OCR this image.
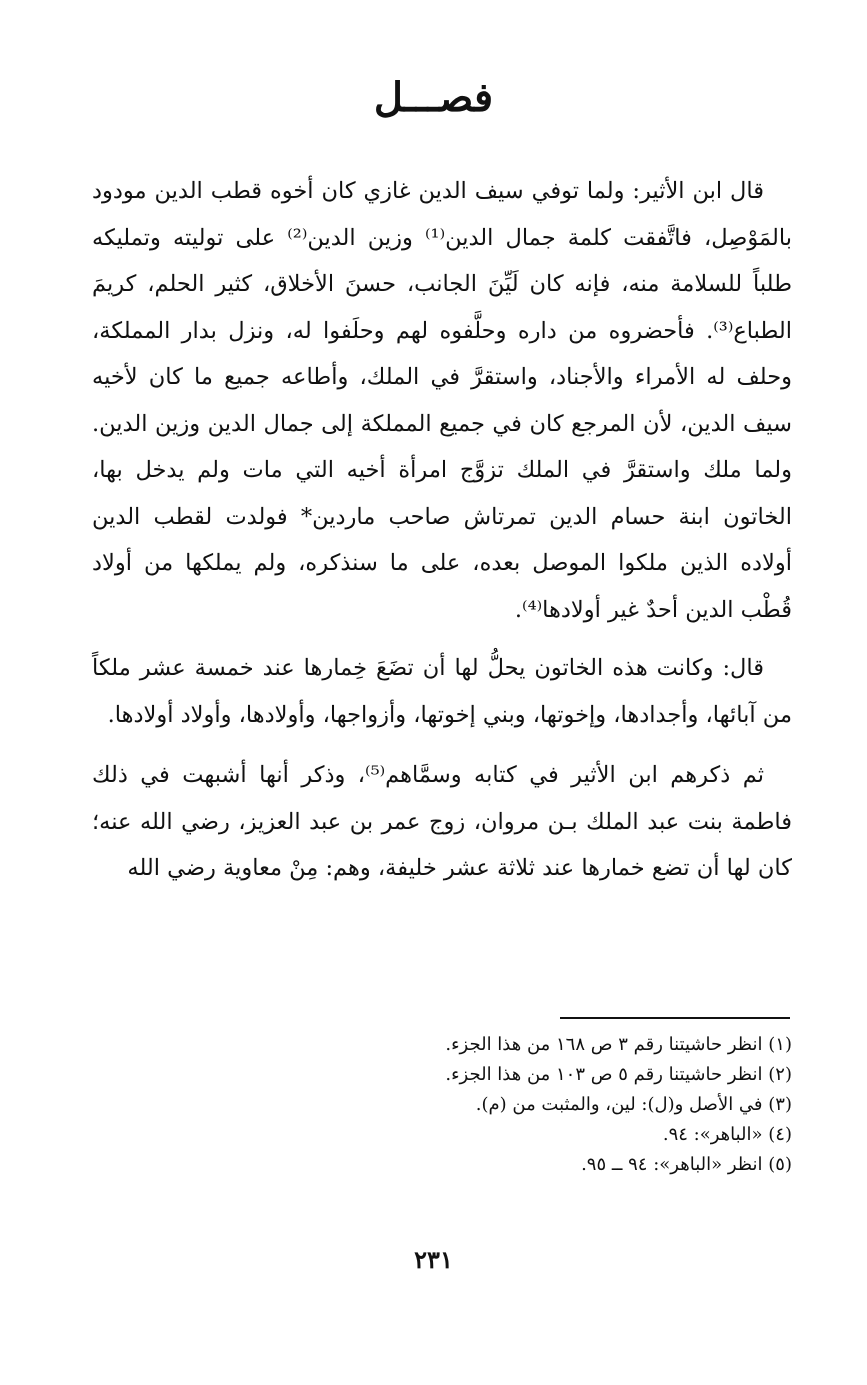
فصـــل

قال ابن الأثير: ولما توفي سيف الدين غازي كان أخوه قطب الدين مودود بالمَوْصِل، فاتَّفقت كلمة جمال الدين⁽¹⁾ وزين الدين⁽²⁾ على توليته وتمليكه طلباً للسلامة منه، فإنه كان لَيِّنَ الجانب، حسنَ الأخلاق، كثير الحلم، كريمَ الطباع⁽³⁾. فأحضروه من داره وحلَّفوه لهم وحلَفوا له، ونزل بدار المملكة، وحلف له الأمراء والأجناد، واستقرَّ في الملك، وأطاعه جميع ما كان لأخيه سيف الدين، لأن المرجع كان في جميع المملكة إلى جمال الدين وزين الدين. ولما ملك واستقرَّ في الملك تزوَّج امرأة أخيه التي مات ولم يدخل بها، الخاتون ابنة حسام الدين تمرتاش صاحب ماردين* فولدت لقطب الدين أولاده الذين ملكوا الموصل بعده، على ما سنذكره، ولم يملكها من أولاد قُطْب الدين أحدٌ غير أولادها⁽⁴⁾.

قال: وكانت هذه الخاتون يحلُّ لها أن تضَعَ خِمارها عند خمسة عشر ملكاً من آبائها، وأجدادها، وإخوتها، وبني إخوتها، وأزواجها، وأولادها، وأولاد أولادها.

ثم ذكرهم ابن الأثير في كتابه وسمَّاهم⁽⁵⁾، وذكر أنها أشبهت في ذلك فاطمة بنت عبد الملك بـن مروان، زوج عمر بن عبد العزيز، رضي الله عنه؛ كان لها أن تضع خمارها عند ثلاثة عشر خليفة، وهم: مِنْ معاوية رضي الله

(١) انظر حاشيتنا رقم ٣ ص ١٦٨ من هذا الجزء.
(٢) انظر حاشيتنا رقم ٥ ص ١٠٣ من هذا الجزء.
(٣) في الأصل و(ل): لين، والمثبت من (م).
(٤) «الباهر»: ٩٤.
(٥) انظر «الباهر»: ٩٤ ــ ٩٥.
٢٣١
